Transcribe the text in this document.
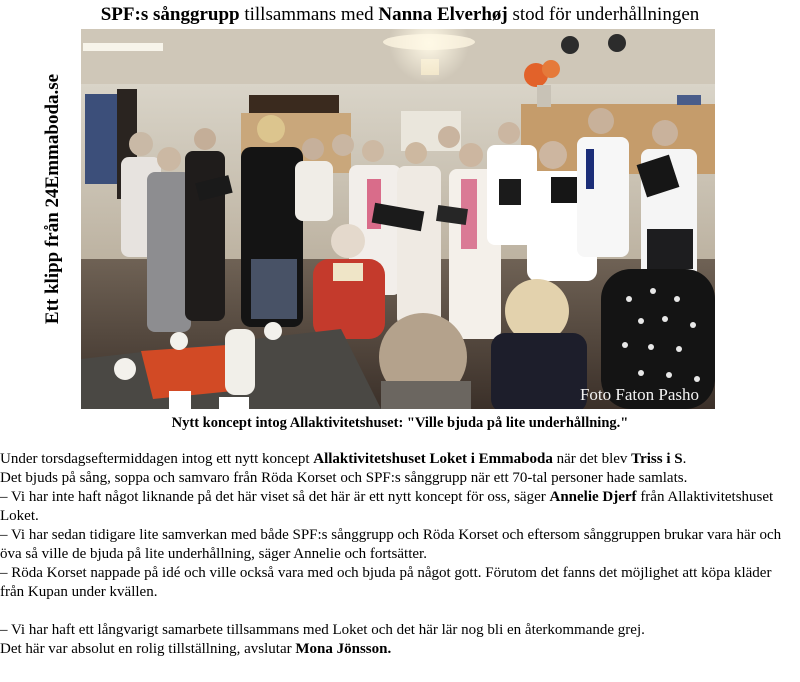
SPF:s sånggrupp tillsammans med Nanna Elverhøj stod för underhållningen
Ett klipp från 24Emmaboda.se
Foto Faton Pasho
Nytt koncept intog Allaktivitetshuset: "Ville bjuda på lite underhållning."

Under torsdagseftermiddagen intog ett nytt koncept Allaktivitetshuset Loket i Emmaboda när det blev Triss i S.

Det bjuds på sång, soppa och samvaro från Röda Korset och SPF:s sånggrupp när ett 70-tal personer hade samlats.

– Vi har inte haft något liknande på det här viset så det här är ett nytt koncept för oss, säger Annelie Djerf från Allaktivitetshuset Loket.

– Vi har sedan tidigare lite samverkan med både SPF:s sånggrupp och Röda Korset och eftersom sånggruppen brukar vara här och öva så ville de bjuda på lite underhållning, säger Annelie och fortsätter.

– Röda Korset nappade på idé och ville också vara med och bjuda på något gott. Förutom det fanns det möjlighet att köpa kläder från Kupan under kvällen.

– Vi har haft ett långvarigt samarbete tillsammans med Loket och det här lär nog bli en återkommande grej.

Det här var absolut en rolig tillställning, avslutar Mona Jönsson.
